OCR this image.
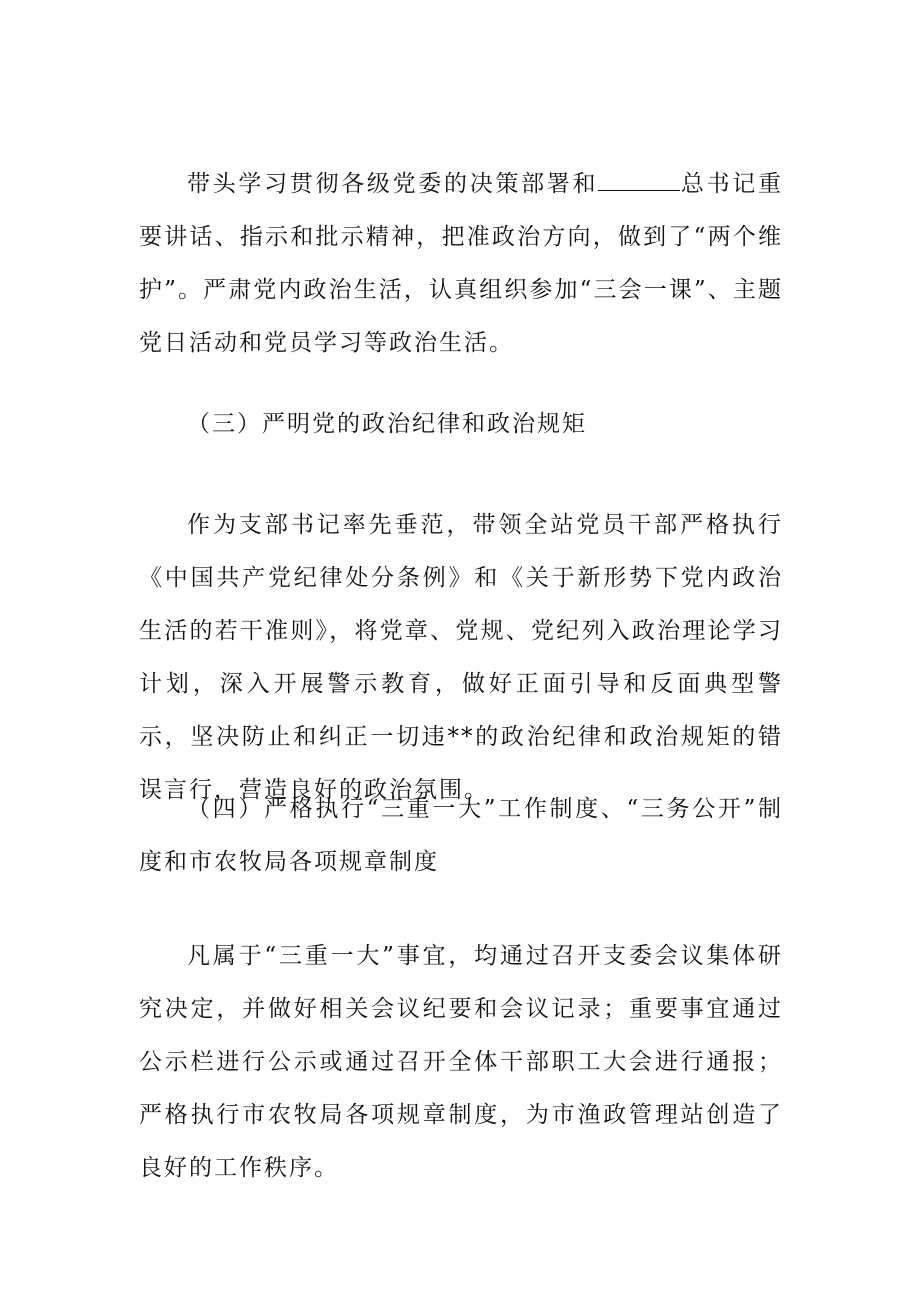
带头学习贯彻各级党委的决策部署和	总书记重要讲话、指示和批示精神，把准政治方向，做到了“两个维护”。严肃党内政治生活，认真组织参加“三会一课”、主题党日活动和党员学习等政治生活。

（三）严明党的政治纪律和政治规矩

作为支部书记率先垂范，带领全站党员干部严格执行《中国共产党纪律处分条例》和《关于新形势下党内政治生活的若干准则》，将党章、党规、党纪列入政治理论学习计划，深入开展警示教育，做好正面引导和反面典型警示，坚决防止和纠正一切违**的政治纪律和政治规矩的错误言行，营造良好的政治氛围。

（四）严格执行“三重一大”工作制度、“三务公开”制度和市农牧局各项规章制度

凡属于“三重一大”事宜，均通过召开支委会议集体研究决定，并做好相关会议纪要和会议记录；重要事宜通过公示栏进行公示或通过召开全体干部职工大会进行通报；严格执行市农牧局各项规章制度，为市渔政管理站创造了良好的工作秩序。
